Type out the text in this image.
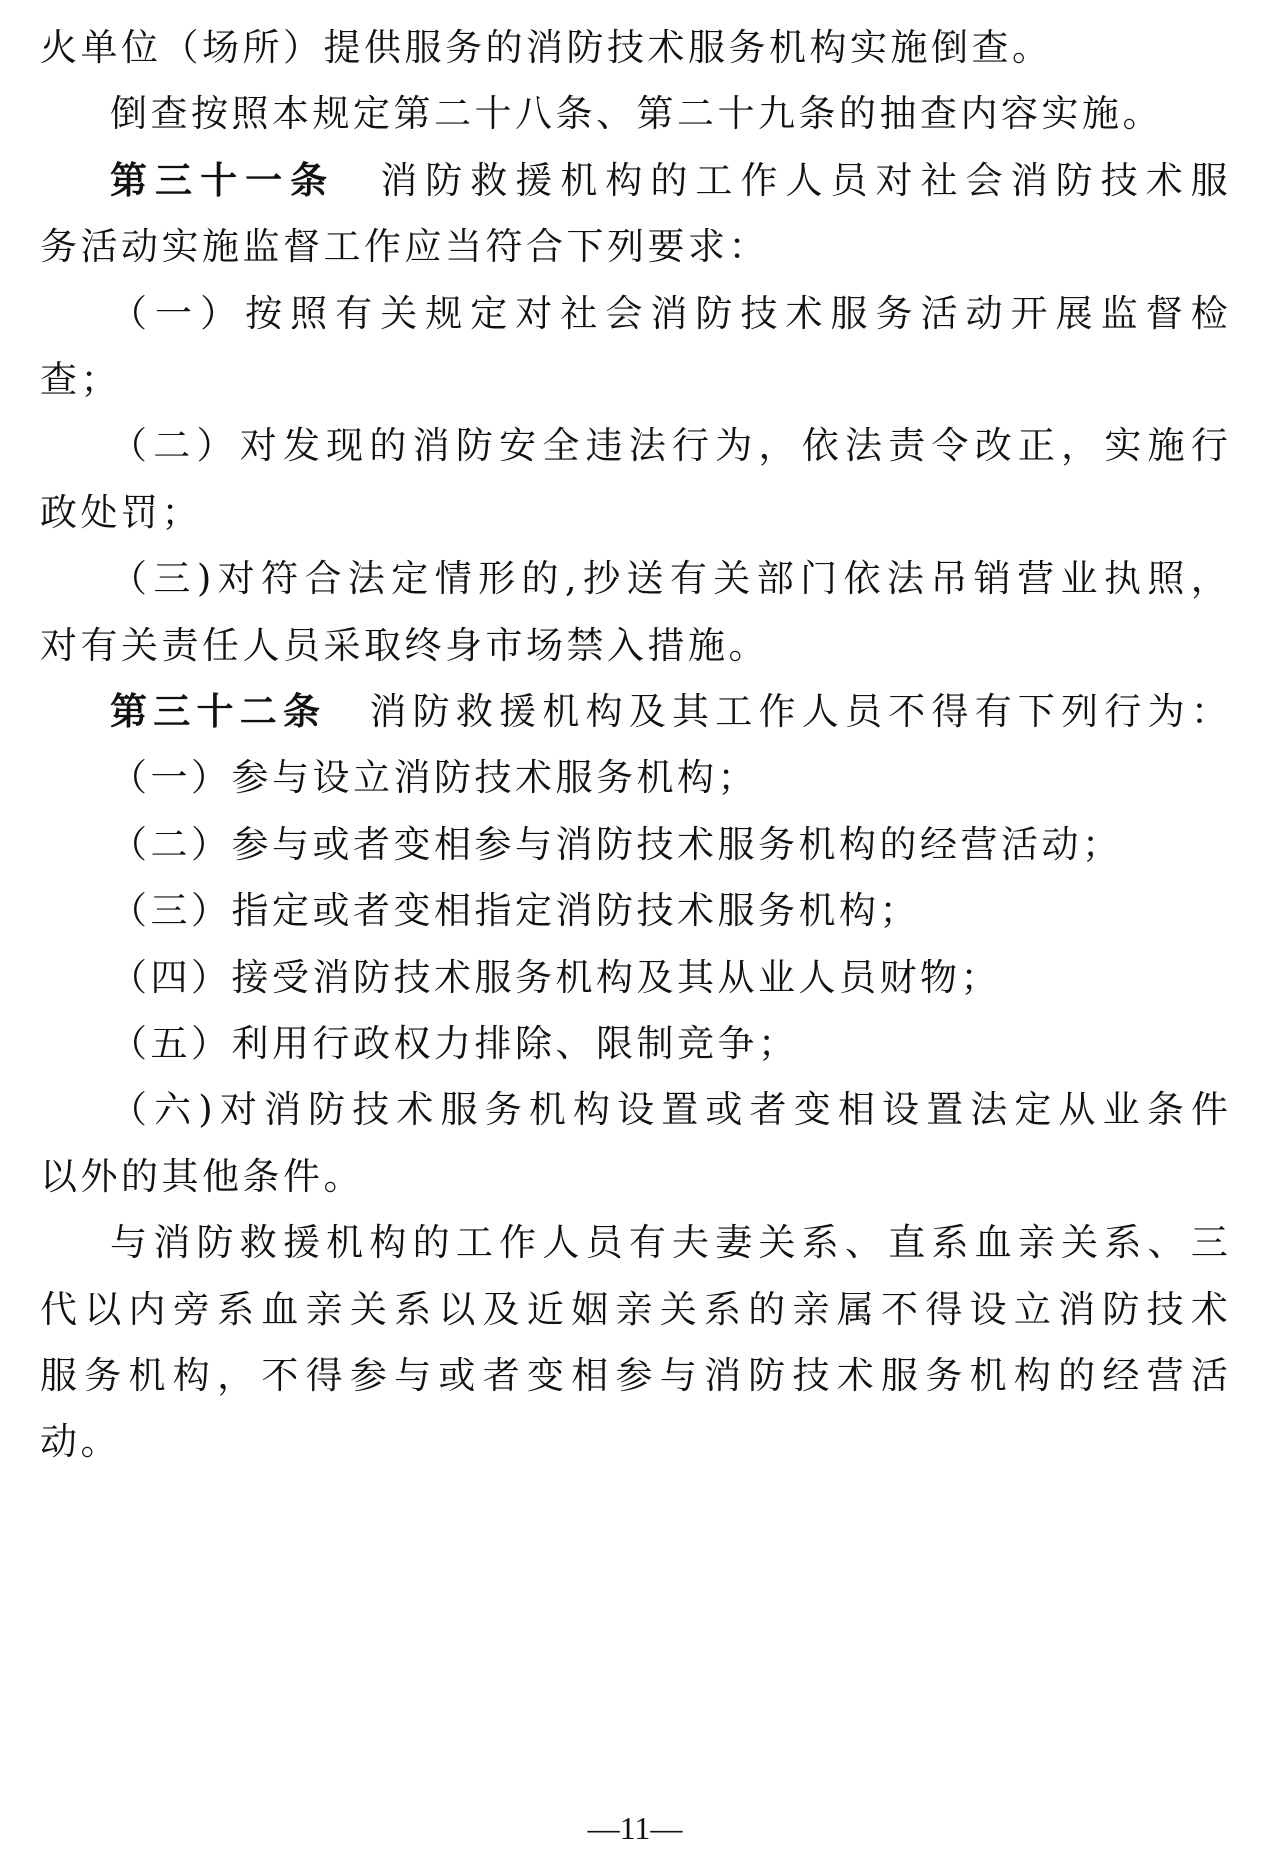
火单位（场所）提供服务的消防技术服务机构实施倒查。
倒查按照本规定第二十八条、第二十九条的抽查内容实施。
第 三 十 一 条
　 消 防 救 援 机 构 的 工 作 人 员 对 社 会 消 防 技 术 服
务活动实施监督工作应当符合下列要求：
（ 一 ） 按 照 有 关 规 定 对 社 会 消 防 技 术 服 务 活 动 开 展 监 督 检
查；
（ 二 ） 对 发 现 的 消 防 安 全 违 法 行 为 ， 依 法 责 令 改 正 ， 实 施 行
政处罚；
（ 三 ) 对 符 合 法 定 情 形 的 , 抄 送 有 关 部 门 依 法 吊 销 营 业 执 照 ，
对有关责任人员采取终身市场禁入措施。
第 三 十 二 条
　 消 防 救 援 机 构 及 其 工 作 人 员 不 得 有 下 列 行 为 ：
（一）参与设立消防技术服务机构；
（二）参与或者变相参与消防技术服务机构的经营活动；
（三）指定或者变相指定消防技术服务机构；
（四）接受消防技术服务机构及其从业人员财物；
（五）利用行政权力排除、限制竞争；
（ 六 ) 对 消 防 技 术 服 务 机 构 设 置 或 者 变 相 设 置 法 定 从 业 条 件
以外的其他条件。
与 消 防 救 援 机 构 的 工 作 人 员 有 夫 妻 关 系 、 直 系 血 亲 关 系 、 三
代 以 内 旁 系 血 亲 关 系 以 及 近 姻 亲 关 系 的 亲 属 不 得 设 立 消 防 技 术
服 务 机 构 ， 不 得 参 与 或 者 变 相 参 与 消 防 技 术 服 务 机 构 的 经 营 活
动。
—11—
